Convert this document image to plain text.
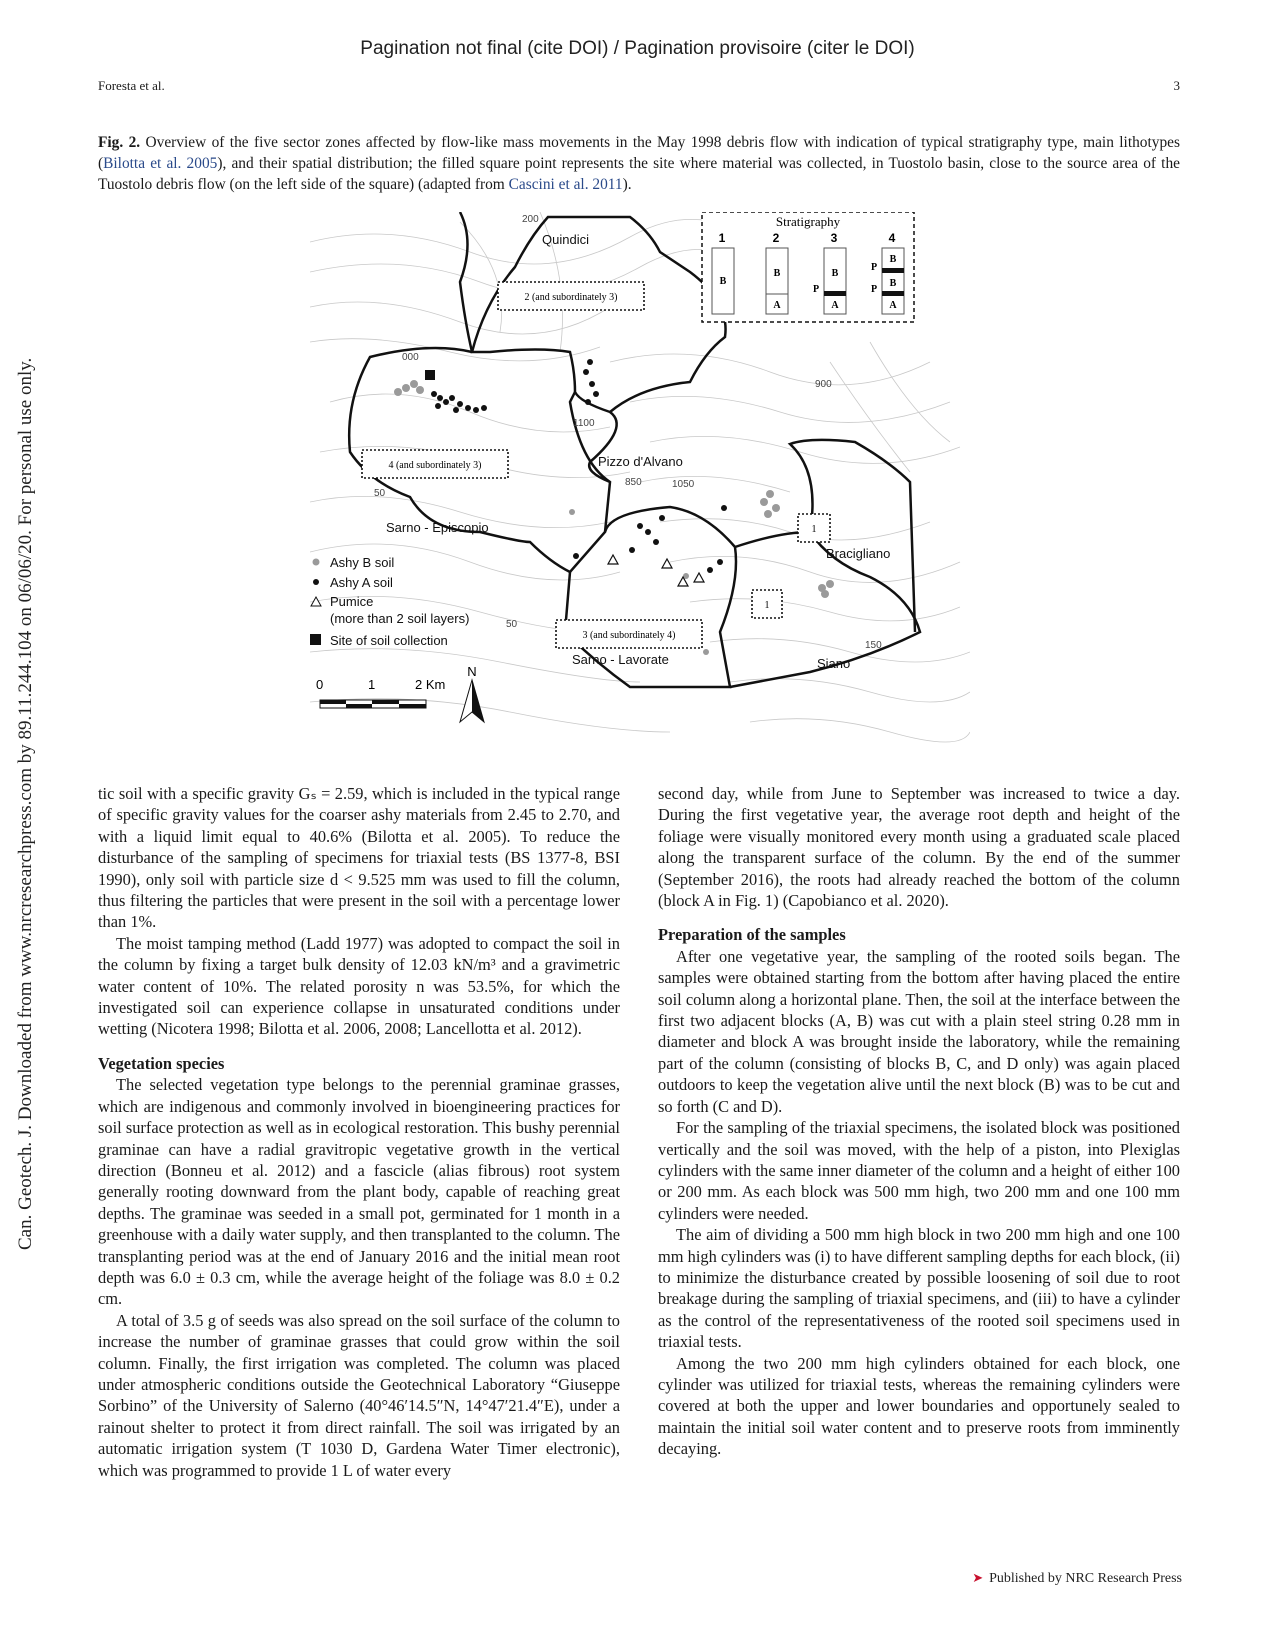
Pagination not final (cite DOI) / Pagination provisoire (citer le DOI)
Foresta et al.	3
Can. Geotech. J. Downloaded from www.nrcresearchpress.com by 89.11.244.104 on 06/06/20. For personal use only.
Fig. 2. Overview of the five sector zones affected by flow-like mass movements in the May 1998 debris flow with indication of typical stratigraphy type, main lithotypes (Bilotta et al. 2005), and their spatial distribution; the filled square point represents the site where material was collected, in Tuostolo basin, close to the source area of the Tuostolo debris flow (on the left side of the square) (adapted from Cascini et al. 2011).
Stratigraphy
1	2	3	4
B
B
A
B
A
P
B
B
A
P
P
200
000
1100
900
850	1050
50
150
50
Quindici
Pizzo d'Alvano
Sarno - Episcopio
Bracigliano
Sarno - Lavorate	Siano
2 (and subordinately 3)
4 (and subordinately 3)
3 (and subordinately 4)
1
1
Ashy B soil
Ashy A soil
Pumice
(more than 2 soil layers)
Site of soil collection
0	1	2 Km
N

tic soil with a specific gravity Gₛ = 2.59, which is included in the typical range of specific gravity values for the coarser ashy materials from 2.45 to 2.70, and with a liquid limit equal to 40.6% (Bilotta et al. 2005). To reduce the disturbance of the sampling of specimens for triaxial tests (BS 1377-8, BSI 1990), only soil with particle size d < 9.525 mm was used to fill the column, thus filtering the particles that were present in the soil with a percentage lower than 1%.

The moist tamping method (Ladd 1977) was adopted to compact the soil in the column by fixing a target bulk density of 12.03 kN/m³ and a gravimetric water content of 10%. The related porosity n was 53.5%, for which the investigated soil can experience collapse in unsaturated conditions under wetting (Nicotera 1998; Bilotta et al. 2006, 2008; Lancellotta et al. 2012).

Vegetation species

The selected vegetation type belongs to the perennial graminae grasses, which are indigenous and commonly involved in bioengineering practices for soil surface protection as well as in ecological restoration. This bushy perennial graminae can have a radial gravitropic vegetative growth in the vertical direction (Bonneu et al. 2012) and a fascicle (alias fibrous) root system generally rooting downward from the plant body, capable of reaching great depths. The graminae was seeded in a small pot, germinated for 1 month in a greenhouse with a daily water supply, and then transplanted to the column. The transplanting period was at the end of January 2016 and the initial mean root depth was 6.0 ± 0.3 cm, while the average height of the foliage was 8.0 ± 0.2 cm.

A total of 3.5 g of seeds was also spread on the soil surface of the column to increase the number of graminae grasses that could grow within the soil column. Finally, the first irrigation was completed. The column was placed under atmospheric conditions outside the Geotechnical Laboratory “Giuseppe Sorbino” of the University of Salerno (40°46′14.5″N, 14°47′21.4″E), under a rainout shelter to protect it from direct rainfall. The soil was irrigated by an automatic irrigation system (T 1030 D, Gardena Water Timer electronic), which was programmed to provide 1 L of water every

second day, while from June to September was increased to twice a day. During the first vegetative year, the average root depth and height of the foliage were visually monitored every month using a graduated scale placed along the transparent surface of the column. By the end of the summer (September 2016), the roots had already reached the bottom of the column (block A in Fig. 1) (Capobianco et al. 2020).

Preparation of the samples

After one vegetative year, the sampling of the rooted soils began. The samples were obtained starting from the bottom after having placed the entire soil column along a horizontal plane. Then, the soil at the interface between the first two adjacent blocks (A, B) was cut with a plain steel string 0.28 mm in diameter and block A was brought inside the laboratory, while the remaining part of the column (consisting of blocks B, C, and D only) was again placed outdoors to keep the vegetation alive until the next block (B) was to be cut and so forth (C and D).

For the sampling of the triaxial specimens, the isolated block was positioned vertically and the soil was moved, with the help of a piston, into Plexiglas cylinders with the same inner diameter of the column and a height of either 100 or 200 mm. As each block was 500 mm high, two 200 mm and one 100 mm cylinders were needed.

The aim of dividing a 500 mm high block in two 200 mm high and one 100 mm high cylinders was (i) to have different sampling depths for each block, (ii) to minimize the disturbance created by possible loosening of soil due to root breakage during the sampling of triaxial specimens, and (iii) to have a cylinder as the control of the representativeness of the rooted soil specimens used in triaxial tests.

Among the two 200 mm high cylinders obtained for each block, one cylinder was utilized for triaxial tests, whereas the remaining cylinders were covered at both the upper and lower boundaries and opportunely sealed to maintain the initial soil water content and to preserve roots from imminently decaying.

➤ Published by NRC Research Press
